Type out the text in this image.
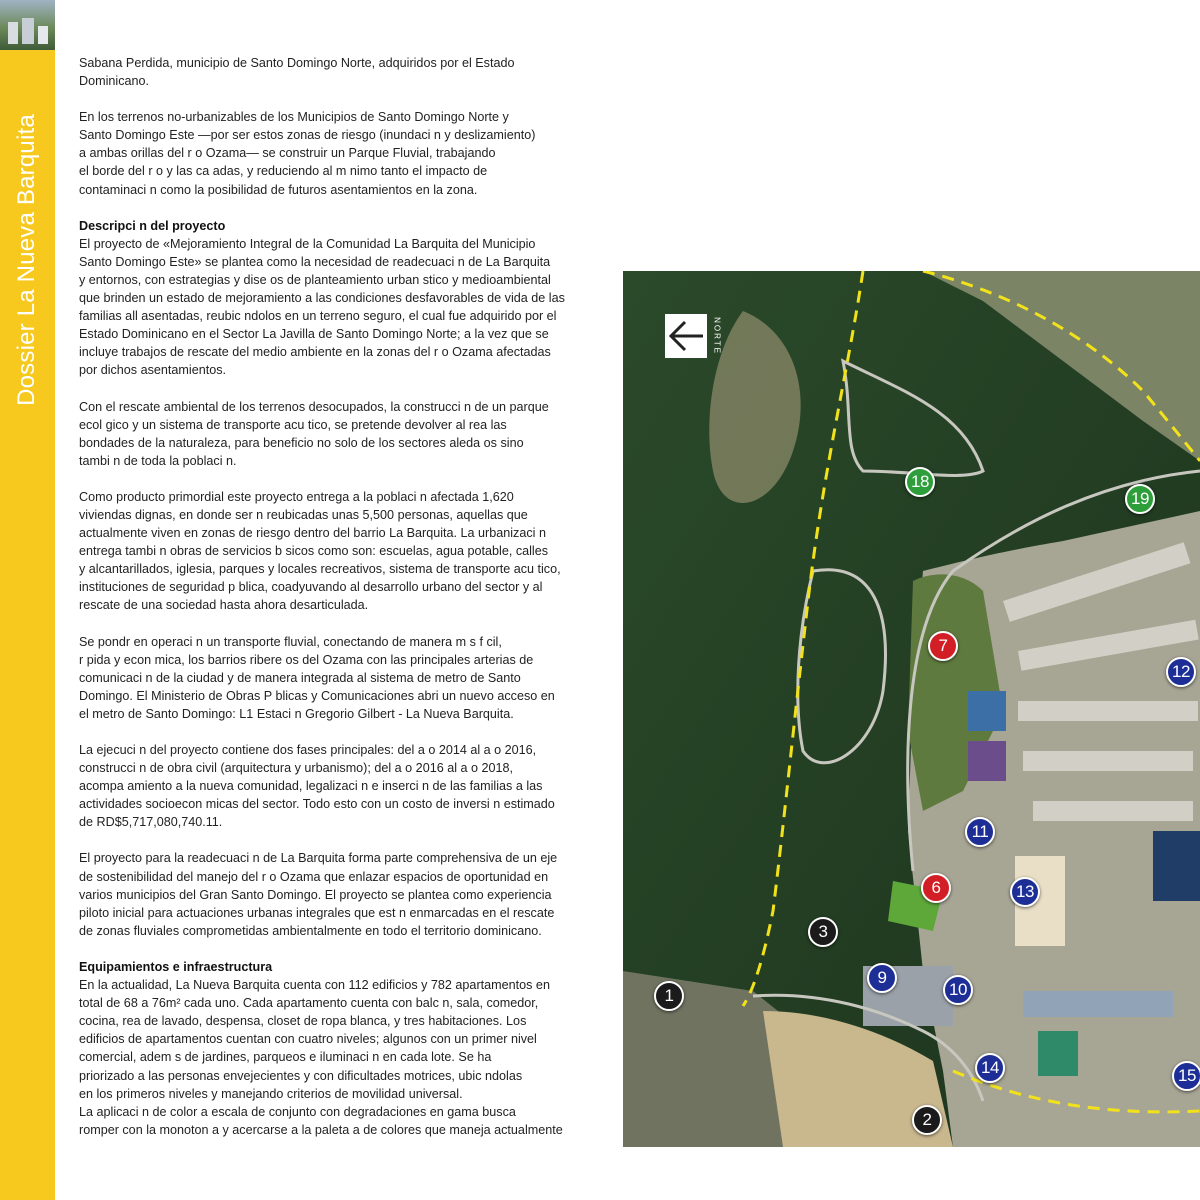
Dossier La Nueva Barquita

Sabana Perdida, municipio de Santo Domingo Norte, adquiridos por el Estado
Dominicano.

En los terrenos no-urbanizables de los Municipios de Santo Domingo Norte y
Santo Domingo Este —por ser estos zonas de riesgo (inundaci n y deslizamiento)
a ambas orillas del r o Ozama— se construir un Parque Fluvial, trabajando
el borde del r o y las ca adas, y reduciendo al m nimo tanto el impacto de
contaminaci n como la posibilidad de futuros asentamientos en la zona.

Descripci n del proyecto

El proyecto de «Mejoramiento Integral de la Comunidad La Barquita del Municipio
Santo Domingo Este» se plantea como la necesidad de readecuaci n de La Barquita
y entornos, con estrategias y dise os de planteamiento urban stico y medioambiental
que brinden un estado de mejoramiento a las condiciones desfavorables de vida de las
familias all asentadas, reubic ndolos en un terreno seguro, el cual fue adquirido por el
Estado Dominicano en el Sector La Javilla de Santo Domingo Norte; a la vez que se
incluye trabajos de rescate del medio ambiente en la zonas del r o Ozama afectadas
por dichos asentamientos.

Con el rescate ambiental de los terrenos desocupados, la construcci n de un parque
ecol gico y un sistema de transporte acu tico, se pretende devolver al rea las
bondades de la naturaleza, para beneficio no solo de los sectores aleda os sino
tambi n de toda la poblaci n.

Como producto primordial este proyecto entrega a la poblaci n afectada 1,620
viviendas dignas, en donde ser n reubicadas unas 5,500 personas, aquellas que
actualmente viven en zonas de riesgo dentro del barrio La Barquita. La urbanizaci n
entrega tambi n obras de servicios b sicos como son: escuelas, agua potable, calles
y alcantarillados, iglesia, parques y locales recreativos, sistema de transporte acu tico,
instituciones de seguridad p blica, coadyuvando al desarrollo urbano del sector y al
rescate de una sociedad hasta ahora desarticulada.

Se pondr en operaci n un transporte fluvial, conectando de manera m s f cil,
r pida y econ mica, los barrios ribere os del Ozama con las principales arterias de
comunicaci n de la ciudad y de manera integrada al sistema de metro de Santo
Domingo. El Ministerio de Obras P blicas y Comunicaciones abri un nuevo acceso en
el metro de Santo Domingo: L1 Estaci n Gregorio Gilbert - La Nueva Barquita.

La ejecuci n del proyecto contiene dos fases principales: del a o 2014 al a o 2016,
construcci n de obra civil (arquitectura y urbanismo); del a o 2016 al a o 2018,
acompa amiento a la nueva comunidad, legalizaci n e inserci n de las familias a las
actividades socioecon micas del sector. Todo esto con un costo de inversi n estimado
de RD$5,717,080,740.11.

El proyecto para la readecuaci n de La Barquita forma parte comprehensiva de un eje
de sostenibilidad del manejo del r o Ozama que enlazar espacios de oportunidad en
varios municipios del Gran Santo Domingo. El proyecto se plantea como experiencia
piloto inicial para actuaciones urbanas integrales que est n enmarcadas en el rescate
de zonas fluviales comprometidas ambientalmente en todo el territorio dominicano.

Equipamientos e infraestructura

En la actualidad, La Nueva Barquita cuenta con 112 edificios y 782 apartamentos en
total de 68 a 76m² cada uno. Cada apartamento cuenta con balc n, sala, comedor,
cocina, rea de lavado, despensa, closet de ropa blanca, y tres habitaciones. Los
edificios de apartamentos cuentan con cuatro niveles; algunos con un primer nivel
comercial, adem s de jardines, parqueos e iluminaci n en cada lote. Se ha
priorizado a las personas envejecientes y con dificultades motrices, ubic ndolas
en los primeros niveles y manejando criterios de movilidad universal.
La aplicaci n de color a escala de conjunto con degradaciones en gama busca
romper con la monoton a y acercarse a la paleta a de colores que maneja actualmente

NORTE
18
19
7
12
11
6	13
3
9
10
1
14	15
2
